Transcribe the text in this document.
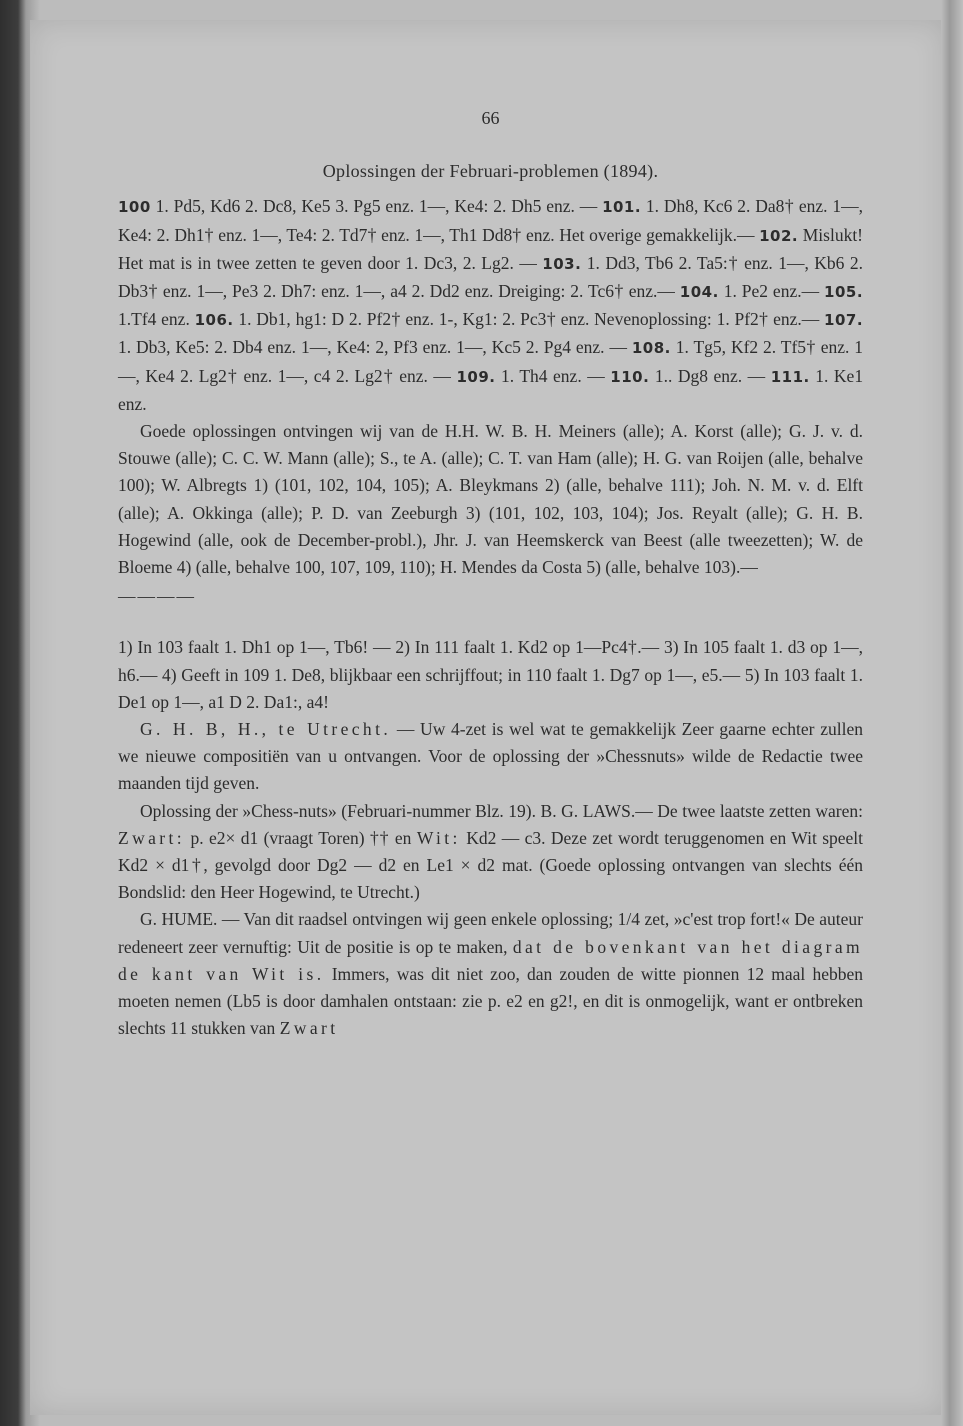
66
Oplossingen der Februari-problemen (1894).

100 1. Pd5, Kd6 2. Dc8, Ke5 3. Pg5 enz. 1—, Ke4: 2. Dh5 enz. — 101. 1. Dh8, Kc6 2. Da8† enz. 1—, Ke4: 2. Dh1† enz. 1—, Te4: 2. Td7† enz. 1—, Th1 Dd8† enz. Het overige gemakkelijk.— 102. Mislukt! Het mat is in twee zetten te geven door 1. Dc3, 2. Lg2. — 103. 1. Dd3, Tb6 2. Ta5:† enz. 1—, Kb6 2. Db3† enz. 1—, Pe3 2. Dh7: enz. 1—, a4 2. Dd2 enz. Dreiging: 2. Tc6† enz.— 104. 1. Pe2 enz.— 105. 1.Tf4 enz. 106. 1. Db1, hg1: D 2. Pf2† enz. 1-, Kg1: 2. Pc3† enz. Nevenoplossing: 1. Pf2† enz.— 107. 1. Db3, Ke5: 2. Db4 enz. 1—, Ke4: 2, Pf3 enz. 1—, Kc5 2. Pg4 enz. — 108. 1. Tg5, Kf2 2. Tf5† enz. 1—, Ke4 2. Lg2† enz. 1—, c4 2. Lg2† enz. — 109. 1. Th4 enz. — 110. 1.. Dg8 enz. — 111. 1. Ke1 enz.

Goede oplossingen ontvingen wij van de H.H. W. B. H. Meiners (alle); A. Korst (alle); G. J. v. d. Stouwe (alle); C. C. W. Mann (alle); S., te A. (alle); C. T. van Ham (alle); H. G. van Roijen (alle, behalve 100); W. Albregts 1) (101, 102, 104, 105); A. Bleykmans 2) (alle, behalve 111); Joh. N. M. v. d. Elft (alle); A. Okkinga (alle); P. D. van Zeeburgh 3) (101, 102, 103, 104); Jos. Reyalt (alle); G. H. B. Hogewind (alle, ook de December-probl.), Jhr. J. van Heemskerck van Beest (alle tweezetten); W. de Bloeme 4) (alle, behalve 100, 107, 109, 110); H. Mendes da Costa 5) (alle, behalve 103).—

————

1) In 103 faalt 1. Dh1 op 1—, Tb6! — 2) In 111 faalt 1. Kd2 op 1—Pc4†.— 3) In 105 faalt 1. d3 op 1—, h6.— 4) Geeft in 109 1. De8, blijkbaar een schrijffout; in 110 faalt 1. Dg7 op 1—, e5.— 5) In 103 faalt 1. De1 op 1—, a1 D 2. Da1:, a4!

G. H. B, H., te Utrecht. — Uw 4-zet is wel wat te gemakkelijk Zeer gaarne echter zullen we nieuwe compositiën van u ontvangen. Voor de oplossing der »Chessnuts» wilde de Redactie twee maanden tijd geven.

Oplossing der »Chess-nuts» (Februari-nummer Blz. 19). B. G. LAWS.— De twee laatste zetten waren: Zwart: p. e2× d1 (vraagt Toren) †† en Wit: Kd2 — c3. Deze zet wordt teruggenomen en Wit speelt Kd2 × d1†, gevolgd door Dg2 — d2 en Le1 × d2 mat. (Goede oplossing ontvangen van slechts één Bondslid: den Heer Hogewind, te Utrecht.)

G. HUME. — Van dit raadsel ontvingen wij geen enkele oplossing; 1/4 zet, »c'est trop fort!« De auteur redeneert zeer vernuftig: Uit de positie is op te maken, dat de bovenkant van het diagram de kant van Wit is. Immers, was dit niet zoo, dan zouden de witte pionnen 12 maal hebben moeten nemen (Lb5 is door damhalen ontstaan: zie p. e2 en g2!, en dit is onmogelijk, want er ontbreken slechts 11 stukken van Zwart
